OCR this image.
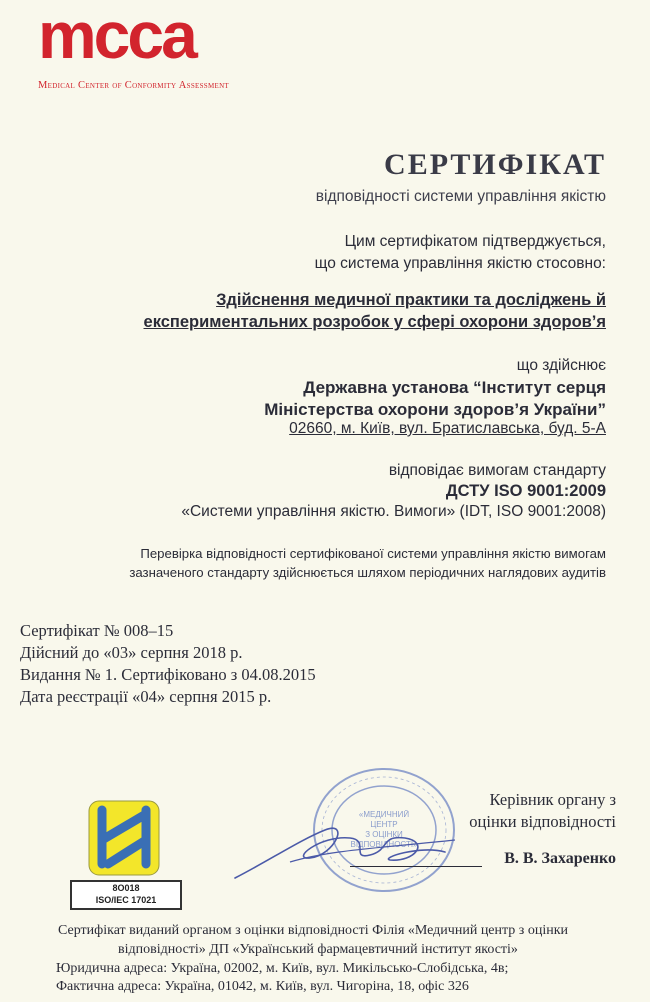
mcca
Medical Center of Conformity Assessment
СЕРТИФІКАТ
відповідності системи управління якістю
Цим сертифікатом підтверджується,
що система управління якістю стосовно:
Здійснення медичної практики та досліджень й
експериментальних розробок у сфері охорони здоров’я
що здійснює
Державна установа “Інститут серця
Міністерства охорони здоров’я України”
02660, м. Київ, вул. Братиславська, буд. 5-А
відповідає вимогам стандарту
ДСТУ ISO 9001:2009
«Системи управління якістю. Вимоги» (IDT, ISO 9001:2008)
Перевірка відповідності сертифікованої системи управління якістю вимогам
зазначеного стандарту здійснюється шляхом періодичних наглядових аудитів
Сертифікат № 008–15
Дійсний до «03» серпня 2018 р.
Видання № 1. Сертифіковано з 04.08.2015
Дата реєстрації «04» серпня 2015 р.
«МЕДИЧНИЙ
ЦЕНТР
З ОЦІНКИ
ВІДПОВІДНОСТІ»
Керівник органу з
оцінки відповідності
В. В. Захаренко
8О018
ISO/IEC 17021
Сертифікат виданий органом з оцінки відповідності Філія «Медичний центр з оцінки
відповідності» ДП «Український фармацевтичний інститут якості»
Юридична адреса: Україна, 02002, м. Київ, вул. Микільсько-Слобідська, 4в;
Фактична адреса: Україна, 01042, м. Київ, вул. Чигоріна, 18, офіс 326
